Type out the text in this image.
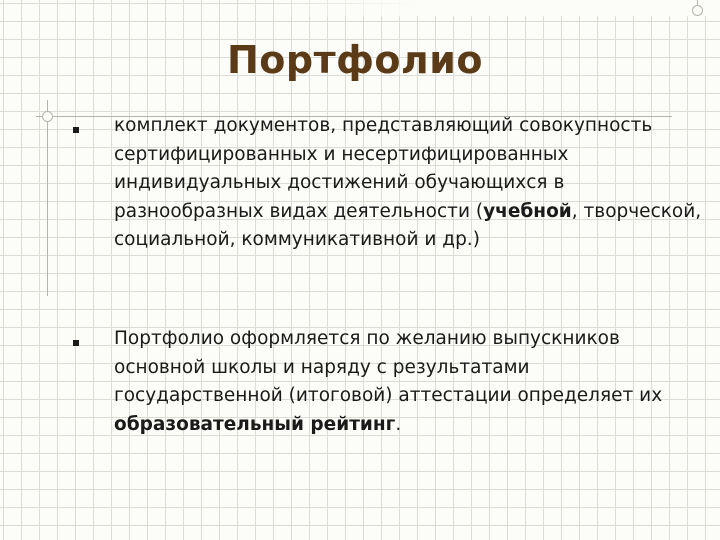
Портфолио

комплект документов, представляющий совокупность сертифицированных и несертифицированных индивидуальных достижений обучающихся в разнообразных видах деятельности (учебной, творческой, социальной, коммуникативной и др.)

Портфолио оформляется по желанию выпускников основной школы и наряду с результатами государственной (итоговой) аттестации определяет их образовательный рейтинг.
